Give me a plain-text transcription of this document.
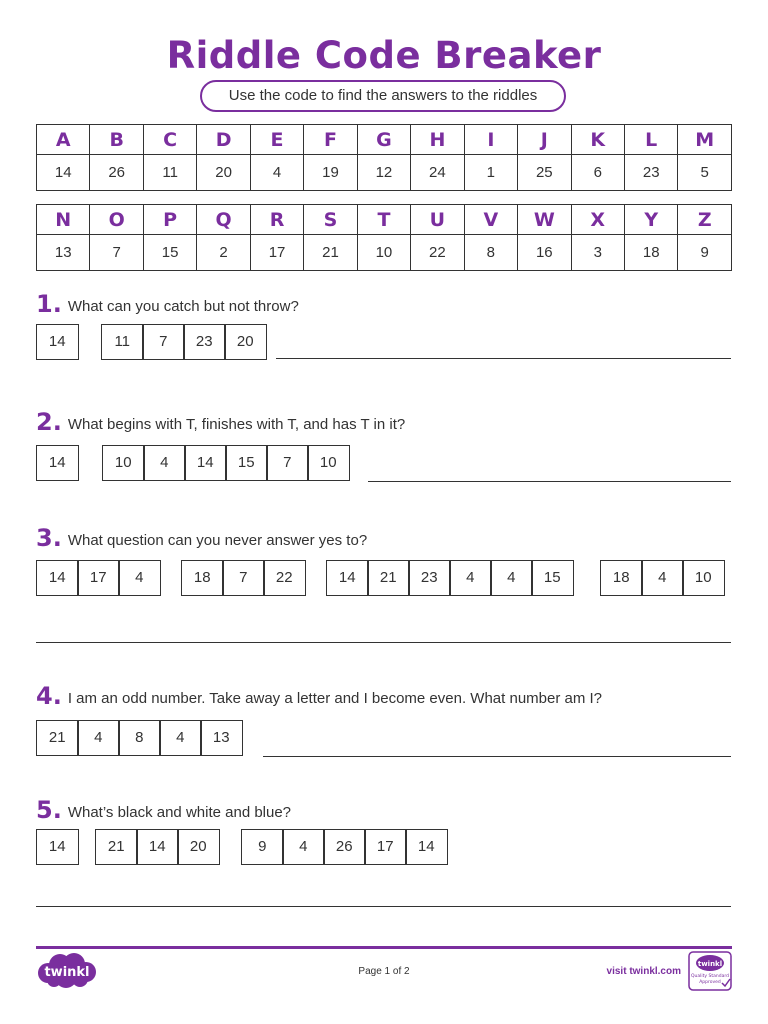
Riddle Code Breaker
Use the code to find the answers to the riddles
A	B	C	D	E	F	G	H	I	J	K	L	M
14	26	11	20	4	19	12	24	1	25	6	23	5
N	O	P	Q	R	S	T	U	V	W	X	Y	Z
13	7	15	2	17	21	10	22	8	16	3	18	9
1. What can you catch but not throw?
14	11	7	23	20
2. What begins with T, finishes with T, and has T in it?
14	10	4	14	15	7	10
3. What question can you never answer yes to?
14	17	4	18	7	22	14	21	23	4	4	15	18	4	10
4. I am an odd number. Take away a letter and I become even. What number am I?
21	4	8	4	13
5. What’s black and white and blue?
14	21	14	20	9	4	26	17	14
twinkl	Page 1 of 2	visit twinkl.com
twinkl
Quality Standard
Approved
